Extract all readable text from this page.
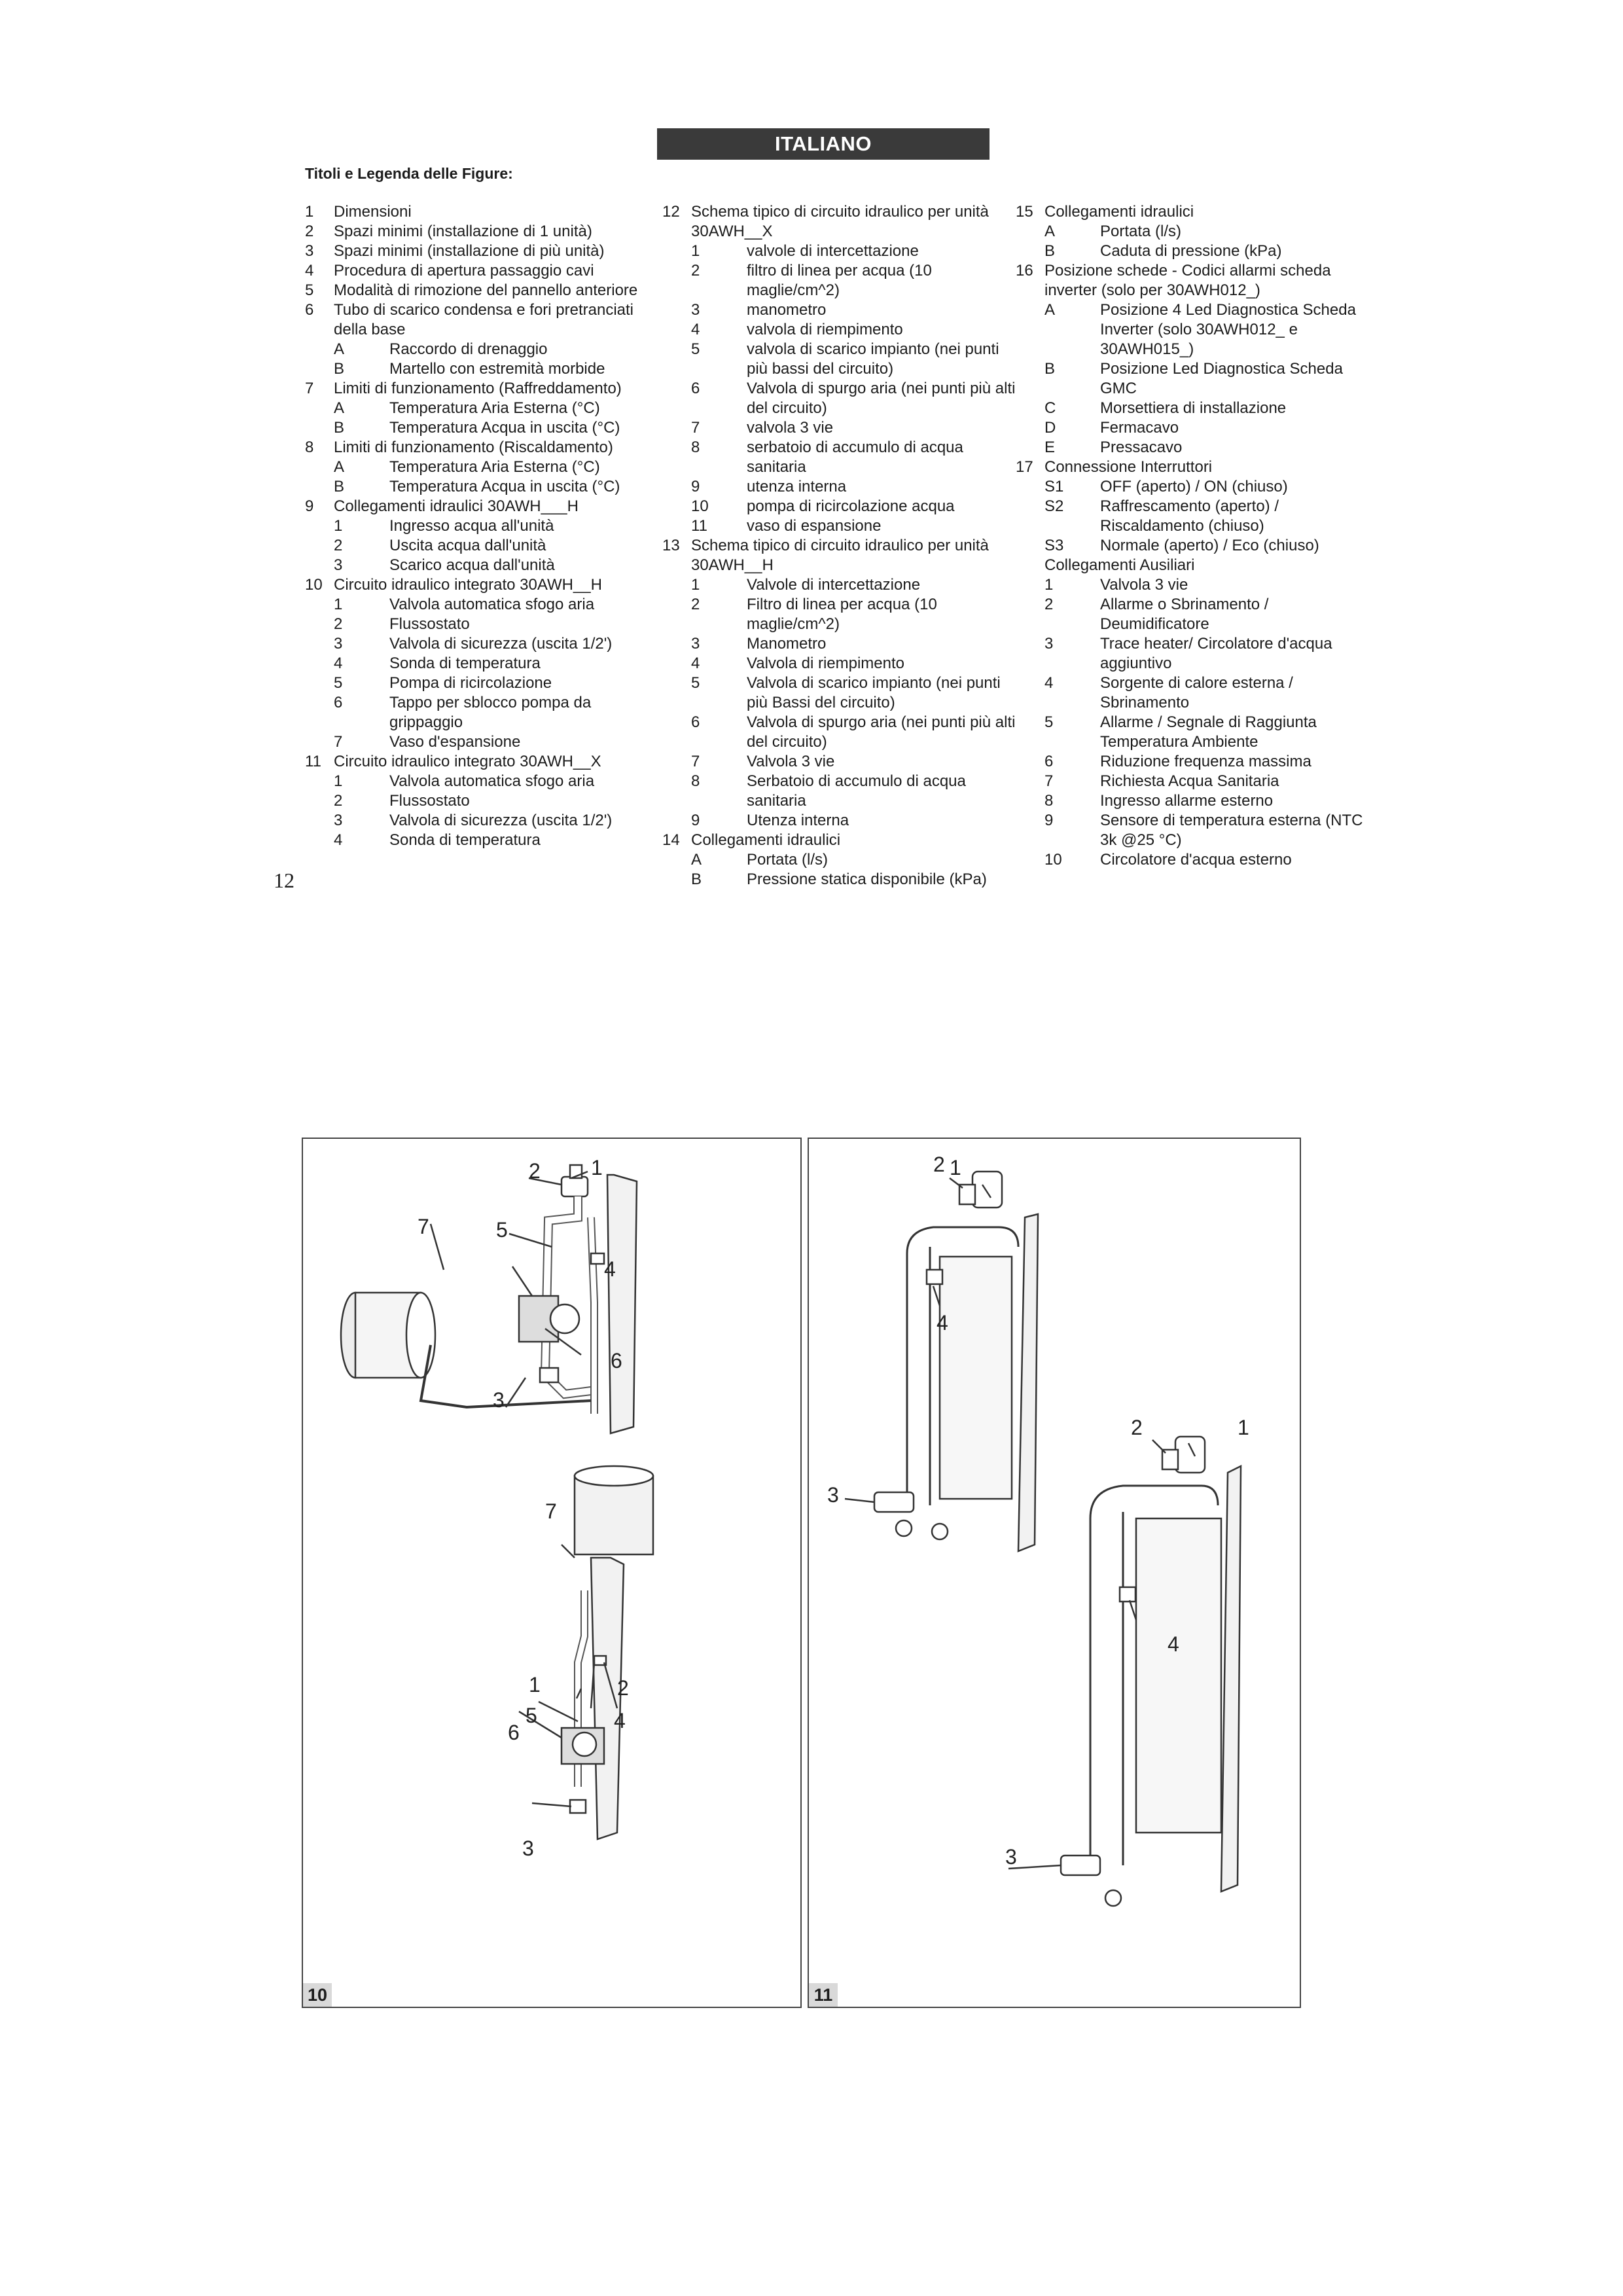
ITALIANO
Titoli e Legenda delle Figure:
1	Dimensioni
2	Spazi minimi (installazione di 1 unità)
3	Spazi minimi (installazione di più unità)
4	Procedura di apertura passaggio cavi
5	Modalità di rimozione del pannello anteriore
6	Tubo di scarico condensa e fori pretranciati della base
A	Raccordo di drenaggio
B	Martello con estremità morbide
7	Limiti di funzionamento (Raffreddamento)
A	Temperatura Aria Esterna (°C)
B	Temperatura Acqua in uscita (°C)
8	Limiti di funzionamento (Riscaldamento)
A	Temperatura Aria Esterna (°C)
B	Temperatura Acqua in uscita (°C)
9	Collegamenti idraulici 30AWH___H
1	Ingresso acqua all'unità
2	Uscita acqua dall'unità
3	Scarico acqua dall'unità
10 Circuito idraulico integrato 30AWH__H
1	Valvola automatica sfogo aria
2	Flussostato
3	Valvola di sicurezza (uscita 1/2')
4	Sonda di temperatura
5	Pompa di ricircolazione
6	Tappo per sblocco pompa da grippaggio
7	Vaso d'espansione
11 Circuito idraulico integrato 30AWH__X
1	Valvola automatica sfogo aria
2	Flussostato
3	Valvola di sicurezza (uscita 1/2')
4	Sonda di temperatura
12 Schema tipico di circuito idraulico per unità 30AWH__X
1	valvole di intercettazione
2	filtro di linea per acqua (10 maglie/cm^2)
3	manometro
4	valvola di riempimento
5	valvola di scarico impianto (nei punti più bassi del circuito)
6	Valvola di spurgo aria (nei punti più alti del circuito)
7	valvola 3 vie
8	serbatoio di accumulo di acqua sanitaria
9	utenza interna
10	pompa di ricircolazione acqua
11	vaso di espansione
13 Schema tipico di circuito idraulico per unità 30AWH__H
1	Valvole di intercettazione
2	Filtro di linea per acqua (10 maglie/cm^2)
3	Manometro
4	Valvola di riempimento
5	Valvola di scarico impianto (nei punti più Bassi del circuito)
6	Valvola di spurgo aria (nei punti più alti del circuito)
7	Valvola 3 vie
8	Serbatoio di accumulo di acqua sanitaria
9	Utenza interna
14 Collegamenti idraulici
A	Portata (l/s)
B	Pressione statica disponibile (kPa)
15 Collegamenti idraulici
A	Portata (l/s)
B	Caduta di pressione (kPa)
16 Posizione schede - Codici allarmi scheda inverter (solo per 30AWH012_)
A	Posizione 4 Led Diagnostica Scheda Inverter (solo 30AWH012_ e 30AWH015_)
B	Posizione Led Diagnostica Scheda GMC
C	Morsettiera di installazione
D	Fermacavo
E	Pressacavo
17 Connessione Interruttori
S1	OFF (aperto) / ON (chiuso)
S2	Raffrescamento (aperto) / Riscaldamento (chiuso)
S3	Normale (aperto) / Eco (chiuso)
Collegamenti Ausiliari
1	Valvola 3 vie
2	Allarme o Sbrinamento / Deumidificatore
3	Trace heater/ Circolatore d'acqua aggiuntivo
4	Sorgente di calore esterna / Sbrinamento
5	Allarme / Segnale di Raggiunta Temperatura Ambiente
6	Riduzione frequenza massima
7	Richiesta Acqua Sanitaria
8	Ingresso allarme esterno
9	Sensore di temperatura esterna (NTC 3k @25 °C)
10	Circolatore d'acqua esterno
12
1
2
3
4
5
6
7
1	2
3
4
5
6
7
10
1
2
3
4
1
2
3
4
11
